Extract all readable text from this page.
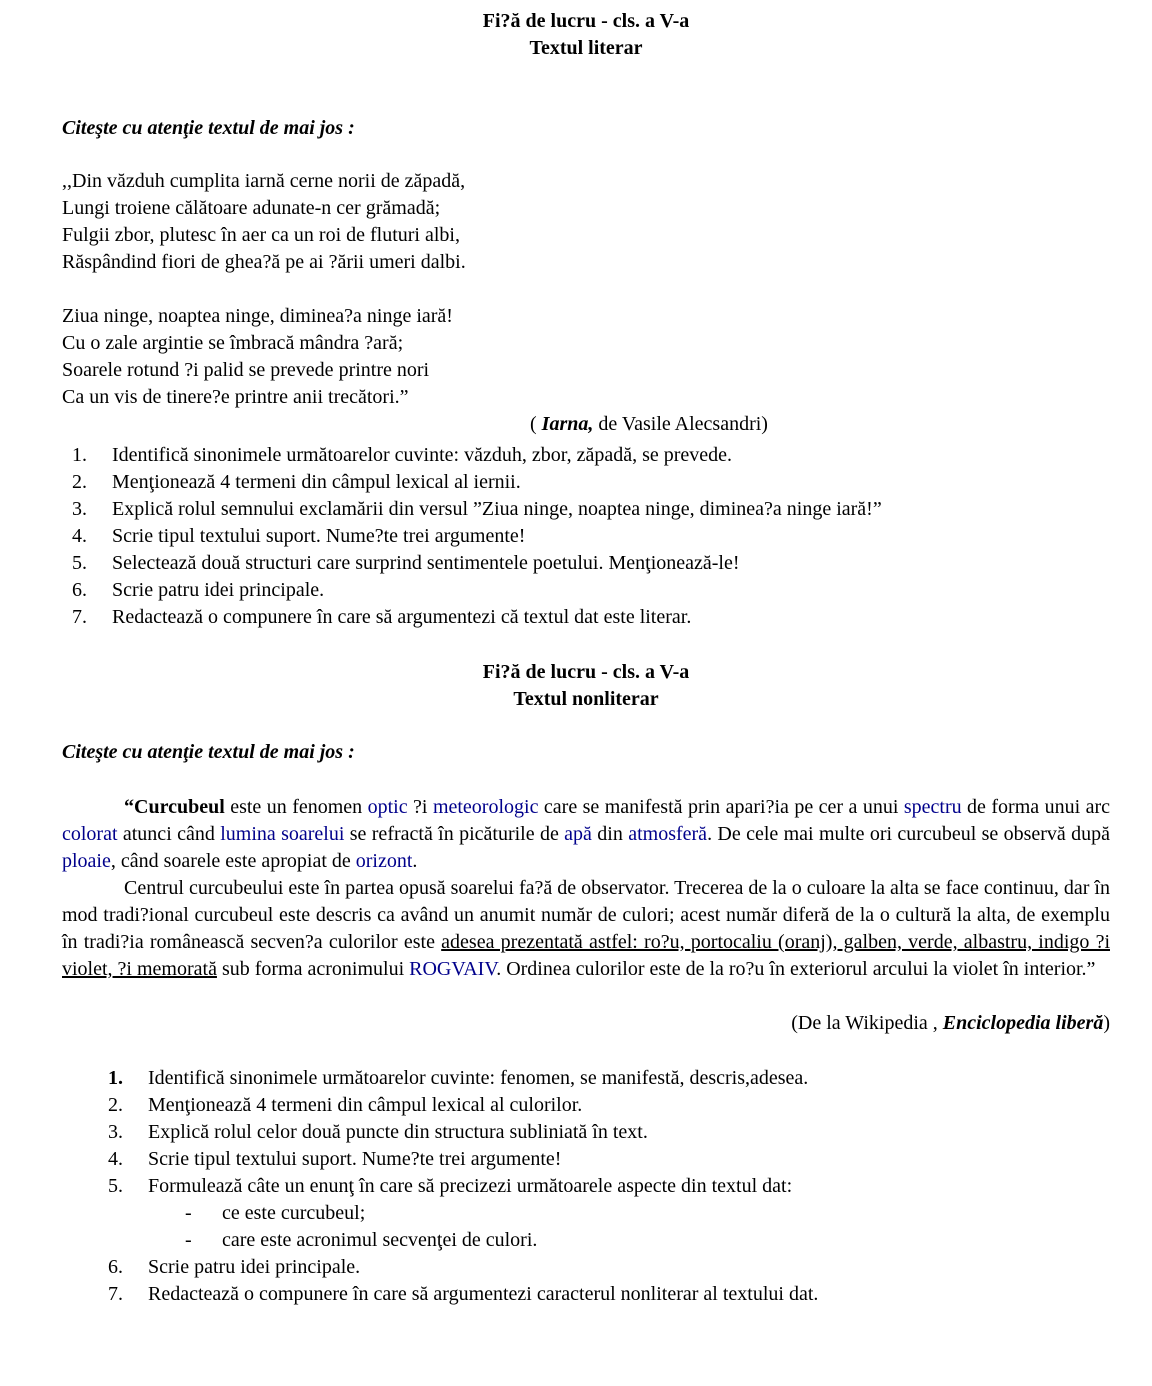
Fi?ă de lucru - cls. a V-a
Textul literar
Citeşte cu atenţie textul de mai jos :
,,Din văzduh cumplita iarnă cerne norii de zăpadă,
Lungi troiene călătoare adunate-n cer grămadă;
Fulgii zbor, plutesc în aer ca un roi de fluturi albi,
Răspândind fiori de ghea?ă pe ai ?ării umeri dalbi.
Ziua ninge, noaptea ninge, diminea?a ninge iară!
Cu o zale argintie se îmbracă mândra ?ară;
Soarele rotund ?i palid se prevede printre nori
Ca un vis de tinere?e printre anii trecători.”
( Iarna, de Vasile Alecsandri)
1.	Identifică sinonimele următoarelor cuvinte: văzduh, zbor, zăpadă, se prevede.
2.	Menţionează 4 termeni din câmpul lexical al iernii.
3.	Explică rolul semnului exclamării din versul ”Ziua ninge, noaptea ninge, diminea?a ninge iară!”
4.	Scrie tipul textului suport. Nume?te trei argumente!
5.	Selectează două structuri care surprind sentimentele poetului. Menţionează-le!
6.	Scrie patru idei principale.
7.	Redactează o compunere în care să argumentezi că textul dat este literar.
Fi?ă de lucru - cls. a V-a
Textul nonliterar
Citeşte cu atenţie textul de mai jos :

“Curcubeul este un fenomen optic ?i meteorologic care se manifestă prin apari?ia pe cer a unui spectru de forma unui arc colorat atunci când lumina soarelui se refractă în picăturile de apă din atmosferă. De cele mai multe ori curcubeul se observă după ploaie, când soarele este apropiat de orizont.

Centrul curcubeului este în partea opusă soarelui fa?ă de observator. Trecerea de la o culoare la alta se face continuu, dar în mod tradi?ional curcubeul este descris ca având un anumit număr de culori; acest număr diferă de la o cultură la alta, de exemplu în tradi?ia românească secven?a culorilor este adesea prezentată astfel: ro?u, portocaliu (oranj), galben, verde, albastru, indigo ?i violet, ?i memorată sub forma acronimului ROGVAIV. Ordinea culorilor este de la ro?u în exteriorul arcului la violet în interior.”

(De la Wikipedia , Enciclopedia liberă)
1.	Identifică sinonimele următoarelor cuvinte: fenomen, se manifestă, descris,adesea.
2.	Menţionează 4 termeni din câmpul lexical al culorilor.
3.	Explică rolul celor două puncte din structura subliniată în text.
4.	Scrie tipul textului suport. Nume?te trei argumente!
5.	Formulează câte un enunţ în care să precizezi următoarele aspecte din textul dat:
-	ce este curcubeul;
-	care este acronimul secvenţei de culori.
6.	Scrie patru idei principale.
7.	Redactează o compunere în care să argumentezi caracterul nonliterar al textului dat.
